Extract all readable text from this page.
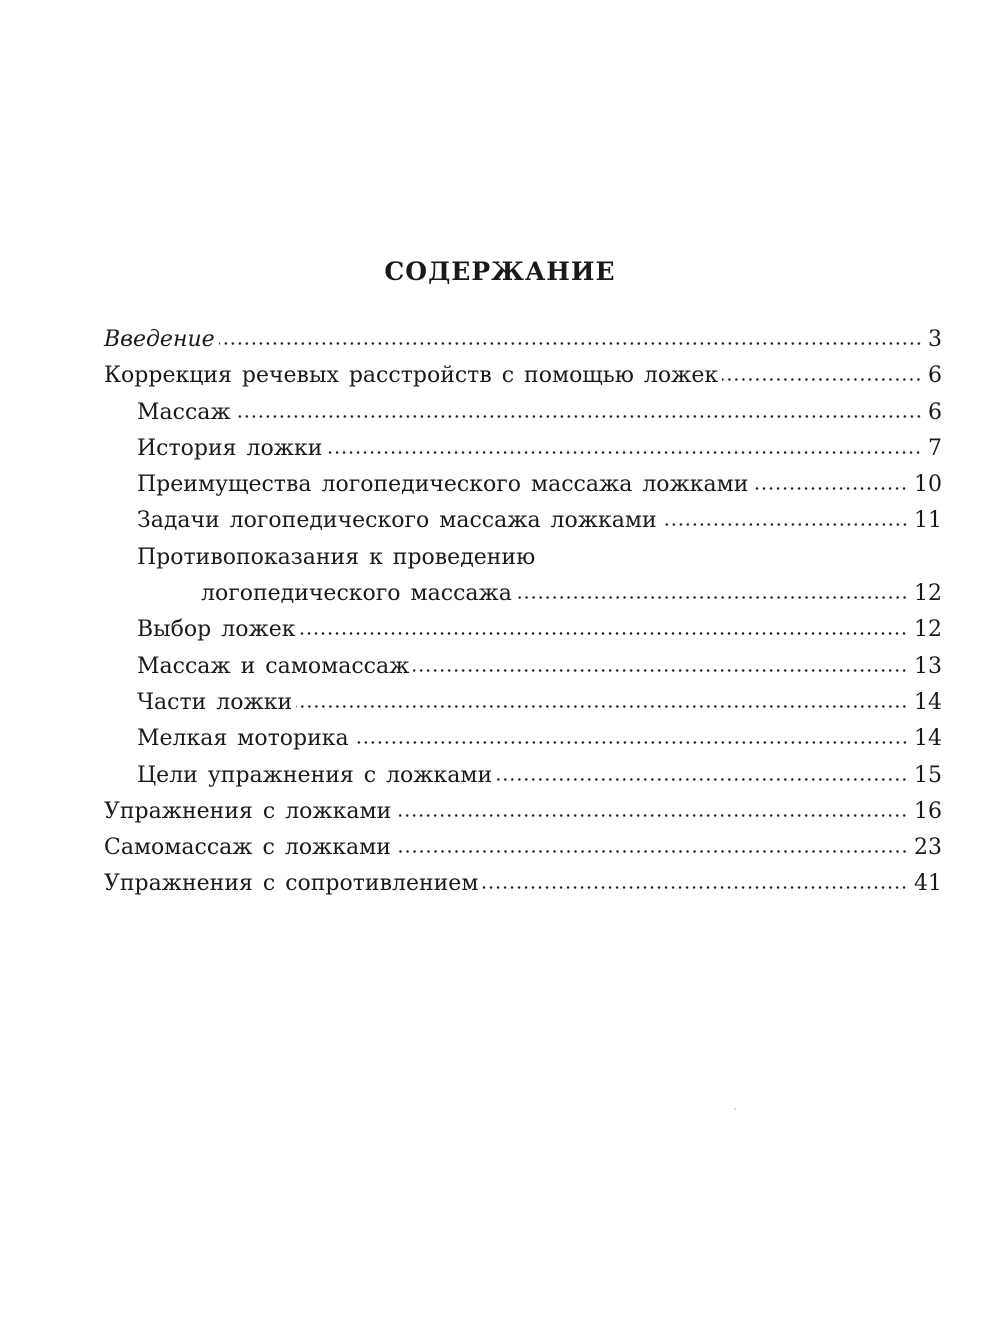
СОДЕРЖАНИЕ
Введение	3
Коррекция речевых расстройств с помощью ложек	6
Массаж	6
История ложки	7
Преимущества логопедического массажа ложками	10
Задачи логопедического массажа ложками	11
Противопоказания к проведению
логопедического массажа	12
Выбор ложек	12
Массаж и самомассаж	13
Части ложки	14
Мелкая моторика	14
Цели упражнения с ложками	15
Упражнения с ложками	16
Самомассаж с ложками	23
Упражнения с сопротивлением	41
